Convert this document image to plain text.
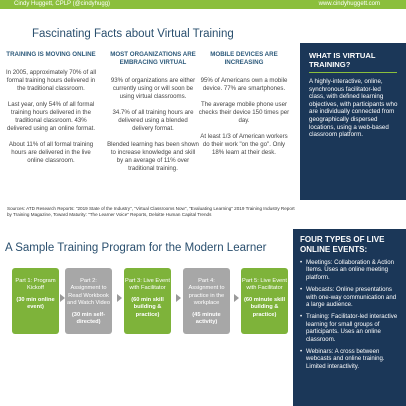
Cindy Huggett, CPLP (@cindyhugg)	www.cindyhuggett.com
Fascinating Facts about Virtual Training
TRAINING IS MOVING ONLINE

In 2005, approximately 70% of all formal training hours delivered in the traditional classroom.

Last year, only 54% of all formal training hours delivered in the traditional classroom. 43% delivered using an online format.

About 11% of all formal training hours are delivered in the live online classroom.

MOST ORGANIZATIONS ARE EMBRACING VIRTUAL

93% of organizations are either currently using or will soon be using virtual classrooms.

34.7% of all training hours are delivered using a blended delivery format.

Blended learning has been shown to increase knowledge and skill by an average of 11% over traditional training.

MOBILE DEVICES ARE INCREASING

95% of Americans own a mobile device. 77% are smartphones.

The average mobile phone user checks their device 150 times per day.

At least 1/3 of American workers do their work "on the go". Only 18% learn at their desk.

WHAT IS VIRTUAL TRAINING?
A highly-interactive, online, synchronous facilitator-led class, with defined learning objectives, with participants who are individually connected from geographically dispersed locations, using a web-based classroom platform.
Sources: ATD Research Reports: "2019 State of the Industry", "Virtual Classrooms Now", "Evaluating Learning" 2019 Training Industry Report by Training Magazine, Toward Maturity: "The Learner Voice" Reports, Deloitte Human Capital Trends
A Sample Training Program for the Modern Learner
Part 1: Program Kickoff
(30 min online event)
Part 2: Assignment to Read Workbook and Watch Video
(30 min self-directed)
Part 3: Live Event with Facilitator
(60 min skill building & practice)
Part 4: Assignment to practice in the workplace
(45 minute activity)
Part 5: Live Event with Facilitator
(60 minute skill building & practice)
FOUR TYPES OF LIVE ONLINE EVENTS:
• Meetings: Collaboration & Action Items. Uses an online meeting platform.
• Webcasts: Online presentations with one-way communication and a large audience.
• Training: Facilitator-led interactive learning for small groups of participants. Uses an online classroom.
• Webinars: A cross between webcasts and online training. Limited interactivity.
